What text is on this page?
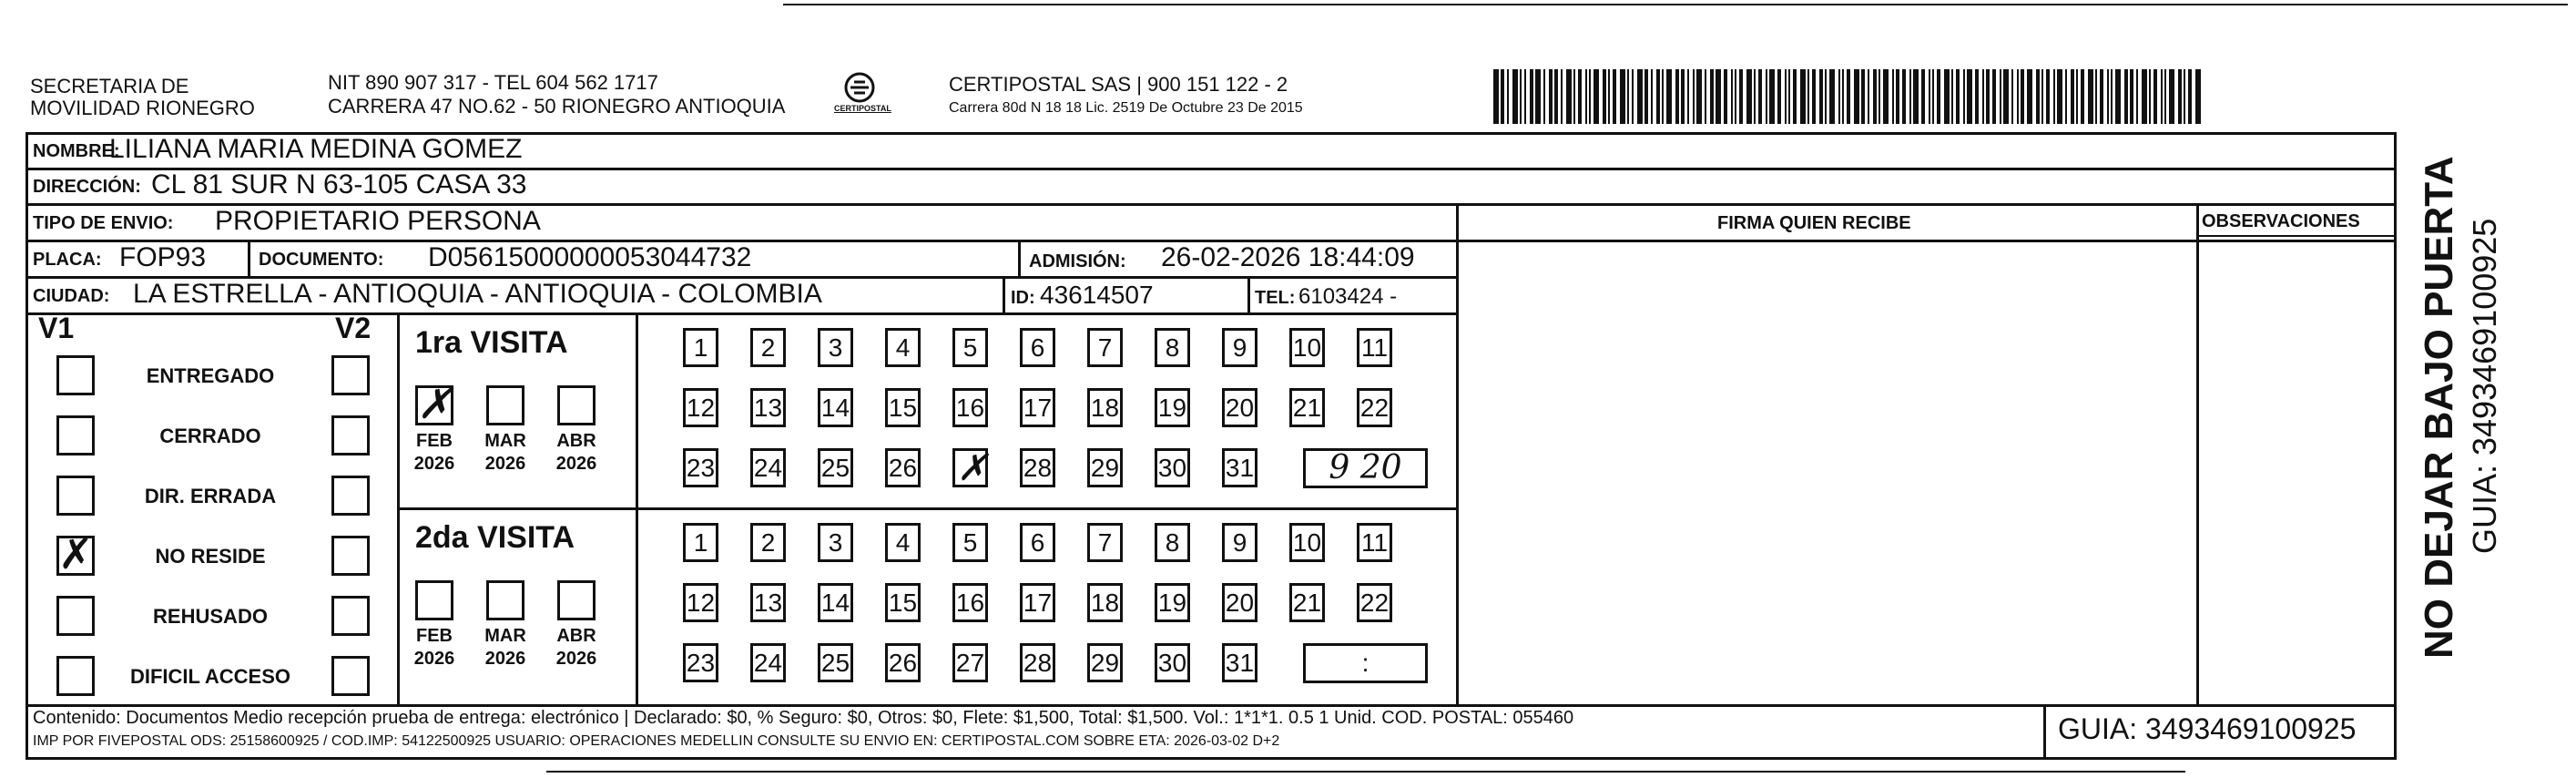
SECRETARIA DE
MOVILIDAD RIONEGRO
NIT 890 907 317 - TEL 604 562 1717
CARRERA 47 NO.62 - 50 RIONEGRO ANTIOQUIA	CERTIPOSTAL
CERTIPOSTAL SAS | 900 151 122 - 2
Carrera 80d N 18 18 Lic. 2519 De Octubre 23 De 2015
NOMBRE:
LILIANA MARIA MEDINA GOMEZ
DIRECCIÓN: CL 81 SUR N 63-105 CASA 33
TIPO DE ENVIO: PROPIETARIO PERSONA
PLACA: FOP93	DOCUMENTO: D05615000000053044732	ADMISIÓN: 26-02-2026 18:44:09
CIUDAD: LA ESTRELLA - ANTIOQUIA - ANTIOQUIA - COLOMBIA	ID: 43614507	TEL: 6103424 -
FIRMA QUIEN RECIBE	OBSERVACIONES
V1	V2
ENTREGADO
CERRADO
DIR. ERRADA
✗	NO RESIDE
REHUSADO
DIFICIL ACCESO
1ra VISITA
✗
FEB
2026
MAR
2026
ABR
2026
1	2	3	4	5	6	7	8	9	10 11
12 13 14 15 16 17 18 19 20 21 22
23 24 25 26 ✗ 28 29 30 31	9 20
2da VISITA
FEB
2026
MAR
2026
ABR
2026
1	2	3	4	5	6	7	8	9	10 11
12 13 14 15 16 17 18 19 20 21 22
23 24 25 26 27 28 29 30 31	:
Contenido: Documentos Medio recepción prueba de entrega: electrónico | Declarado: $0, % Seguro: $0, Otros: $0, Flete: $1,500, Total: $1,500. Vol.: 1*1*1. 0.5 1 Unid. COD. POSTAL: 055460
IMP POR FIVEPOSTAL ODS: 25158600925 / COD.IMP: 54122500925 USUARIO: OPERACIONES MEDELLIN CONSULTE SU ENVIO EN: CERTIPOSTAL.COM SOBRE ETA: 2026-03-02 D+2	GUIA: 3493469100925
NO DEJAR BAJO PUERTA GUIA: 3493469100925
